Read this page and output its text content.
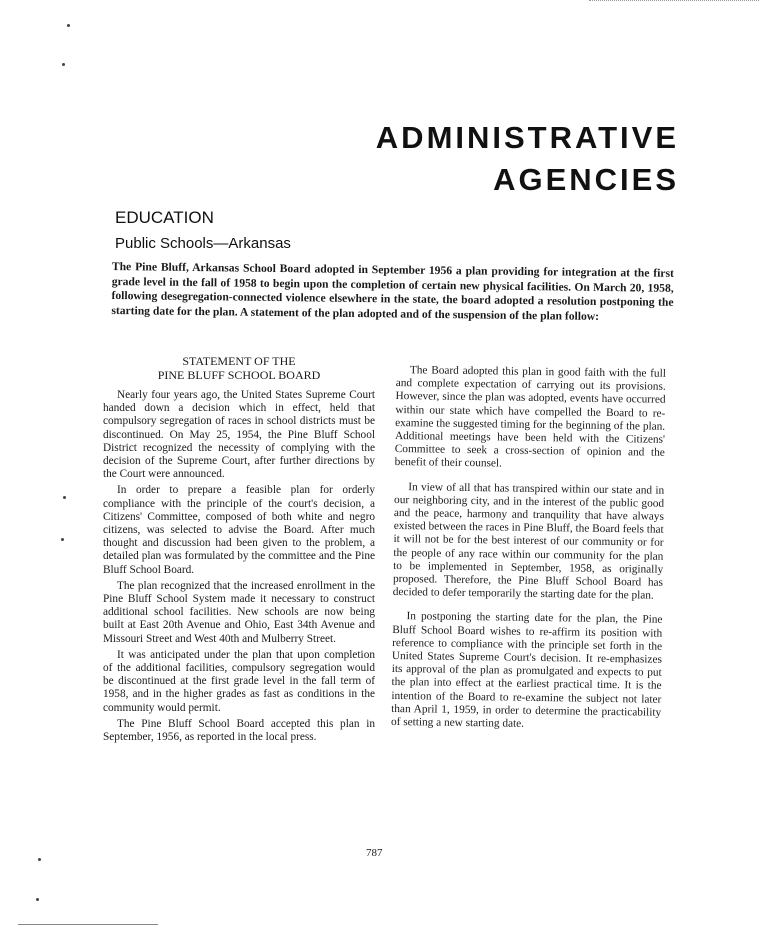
ADMINISTRATIVE
AGENCIES
EDUCATION
Public Schools—Arkansas
The Pine Bluff, Arkansas School Board adopted in September 1956 a plan providing for integration at the first grade level in the fall of 1958 to begin upon the completion of certain new physical facilities. On March 20, 1958, following desegregation-connected violence elsewhere in the state, the board adopted a resolution postponing the starting date for the plan. A statement of the plan adopted and of the suspension of the plan follow:
STATEMENT OF THE
PINE BLUFF SCHOOL BOARD

Nearly four years ago, the United States Supreme Court handed down a decision which in effect, held that compulsory segregation of races in school districts must be discontinued. On May 25, 1954, the Pine Bluff School District recognized the necessity of complying with the decision of the Supreme Court, after further directions by the Court were announced.

In order to prepare a feasible plan for orderly compliance with the principle of the court's decision, a Citizens' Committee, composed of both white and negro citizens, was selected to advise the Board. After much thought and discussion had been given to the problem, a detailed plan was formulated by the committee and the Pine Bluff School Board.

The plan recognized that the increased enrollment in the Pine Bluff School System made it necessary to construct additional school facilities. New schools are now being built at East 20th Avenue and Ohio, East 34th Avenue and Missouri Street and West 40th and Mulberry Street.

It was anticipated under the plan that upon completion of the additional facilities, compulsory segregation would be discontinued at the first grade level in the fall term of 1958, and in the higher grades as fast as conditions in the community would permit.

The Pine Bluff School Board accepted this plan in September, 1956, as reported in the local press.

The Board adopted this plan in good faith with the full and complete expectation of carrying out its provisions. However, since the plan was adopted, events have occurred within our state which have compelled the Board to re-examine the suggested timing for the beginning of the plan. Additional meetings have been held with the Citizens' Committee to seek a cross-section of opinion and the benefit of their counsel.

In view of all that has transpired within our state and in our neighboring city, and in the interest of the public good and the peace, harmony and tranquility that have always existed between the races in Pine Bluff, the Board feels that it will not be for the best interest of our community or for the people of any race within our community for the plan to be implemented in September, 1958, as originally proposed. Therefore, the Pine Bluff School Board has decided to defer temporarily the starting date for the plan.

In postponing the starting date for the plan, the Pine Bluff School Board wishes to re-affirm its position with reference to compliance with the principle set forth in the United States Supreme Court's decision. It re-emphasizes its approval of the plan as promulgated and expects to put the plan into effect at the earliest practical time. It is the intention of the Board to re-examine the subject not later than April 1, 1959, in order to determine the practicability of setting a new starting date.

787
